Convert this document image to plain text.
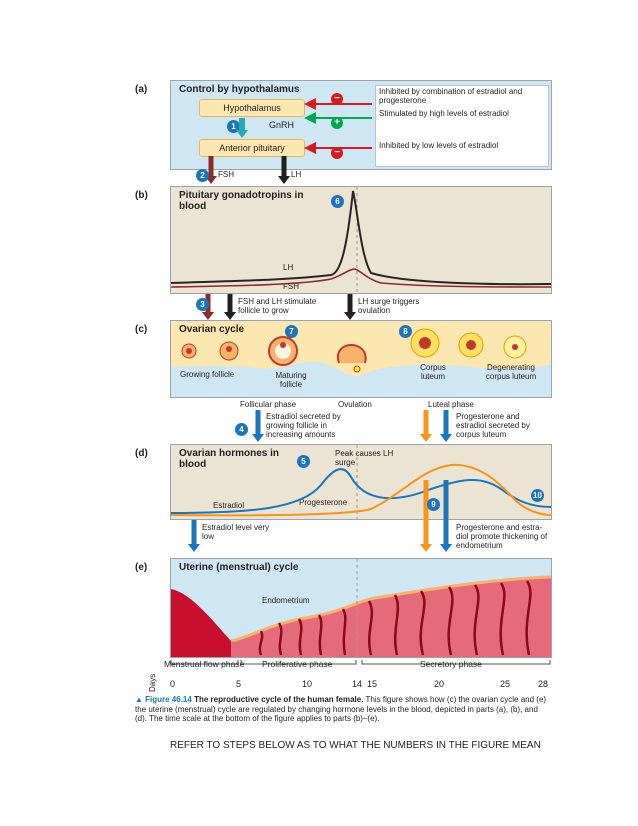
(a)	Control by hypothalamus
Hypothalamus
Anterior pituitary
GnRH
Inhibited by combination of estradiol and progesterone
Stimulated by high levels of estradiol
Inhibited by low levels of estradiol
−
+
−
1
2	FSH	LH
(b)	Pituitary gonadotropins in blood	6
LH
FSH
3	FSH and LH stimulate follicle to grow
LH surge triggers ovulation
(c)	Ovarian cycle	7	8
Growing follicle	Maturing follicle
Corpus luteum
Degenerating corpus luteum
Follicular phase	Ovulation	Luteal phase
4
Estradiol secreted by growing follicle in increasing amounts
Progesterone and estradiol secreted by corpus luteum
(d)	Ovarian hormones in blood	5
10
Peak causes LH surge
Estradiol	Progesterone	9
Estradiol level very low
Progesterone and estra-diol promote thickening of endometrium
(e)	Uterine (menstrual) cycle
Endometrium
Menstrual flow phase Proliferative phase	Secretory phase
Days 0	5	10	14 15	20	25	28
▲ Figure 46.14 The reproductive cycle of the human female. This figure shows how (c) the ovarian cycle and (e) the uterine (menstrual) cycle are regulated by changing hormone levels in the blood, depicted in parts (a), (b), and (d). The time scale at the bottom of the figure applies to parts (b)–(e).
REFER TO STEPS BELOW AS TO WHAT THE NUMBERS IN THE FIGURE MEAN
